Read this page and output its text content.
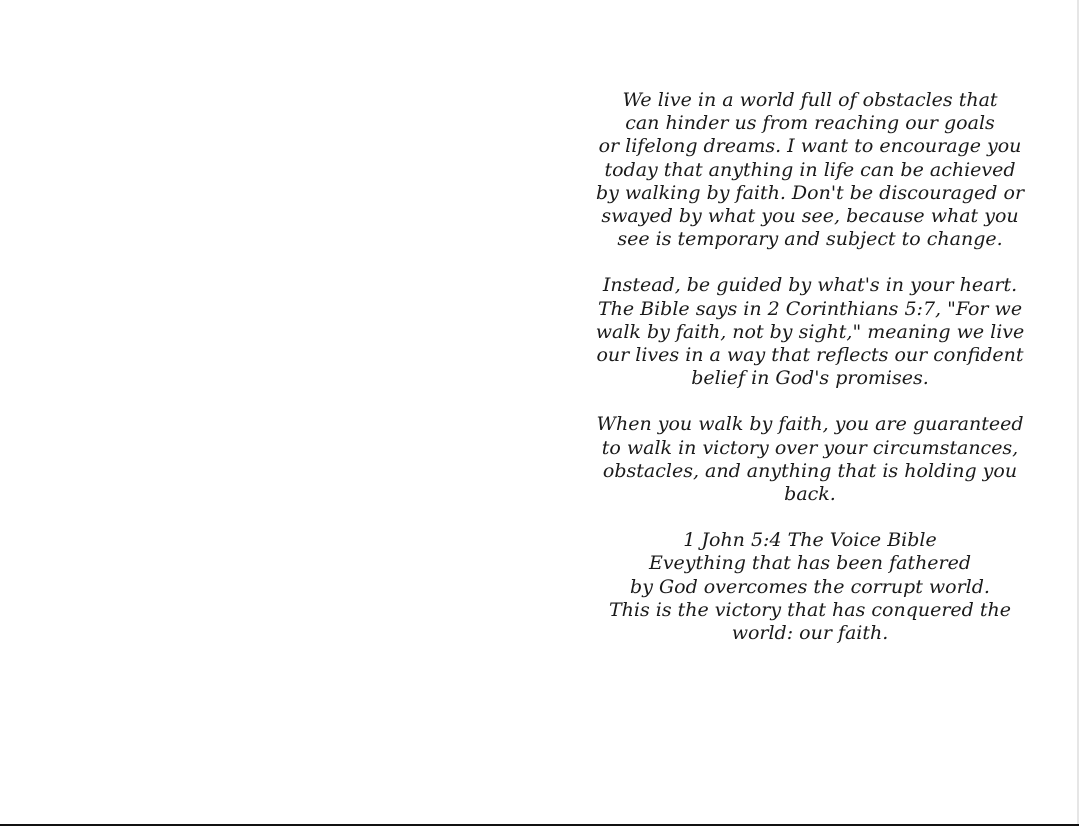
We live in a world full of obstacles that
can hinder us from reaching our goals
or lifelong dreams. I want to encourage you
today that anything in life can be achieved
by walking by faith. Don't be discouraged or
swayed by what you see, because what you
see is temporary and subject to change.

Instead, be guided by what's in your heart.
The Bible says in 2 Corinthians 5:7, "For we
walk by faith, not by sight," meaning we live
our lives in a way that reflects our confident
belief in God's promises.

When you walk by faith, you are guaranteed
to walk in victory over your circumstances,
obstacles, and anything that is holding you
back.

1 John 5:4 The Voice Bible
Eveything that has been fathered
by God overcomes the corrupt world.
This is the victory that has conquered the
world: our faith.
